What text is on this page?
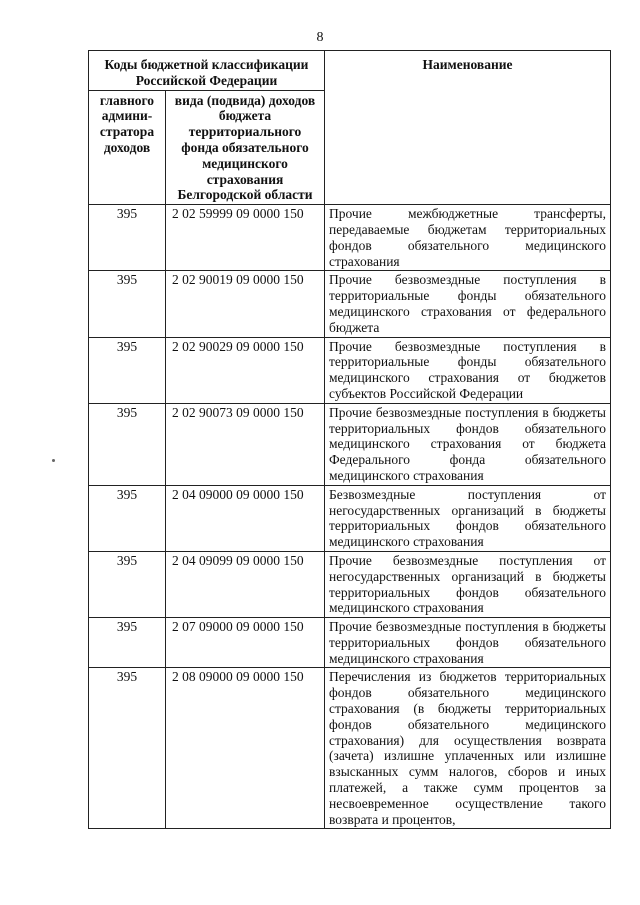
8
Коды бюджетной классификации Российской Федерации		Наименование
главного админи-стратора доходов	вида (подвида) доходов бюджета территориального фонда обязательного медицинского страхования Белгородской области	
395	2 02 59999 09 0000 150	Прочие межбюджетные трансферты, передаваемые бюджетам территориальных фондов обязательного медицинского страхования
395	2 02 90019 09 0000 150	Прочие безвозмездные поступления в территориальные фонды обязательного медицинского страхования от федерального бюджета
395	2 02 90029 09 0000 150	Прочие безвозмездные поступления в территориальные фонды обязательного медицинского страхования от бюджетов субъектов Российской Федерации
395	2 02 90073 09 0000 150	Прочие безвозмездные поступления в бюджеты территориальных фондов обязательного медицинского страхования от бюджета Федерального фонда обязательного медицинского страхования
395	2 04 09000 09 0000 150	Безвозмездные поступления от негосударственных организаций в бюджеты территориальных фондов обязательного медицинского страхования
395	2 04 09099 09 0000 150	Прочие безвозмездные поступления от негосударственных организаций в бюджеты территориальных фондов обязательного медицинского страхования
395	2 07 09000 09 0000 150	Прочие безвозмездные поступления в бюджеты территориальных фондов обязательного медицинского страхования
395	2 08 09000 09 0000 150	Перечисления из бюджетов территориальных фондов обязательного медицинского страхования (в бюджеты территориальных фондов обязательного медицинского страхования) для осуществления возврата (зачета) излишне уплаченных или излишне взысканных сумм налогов, сборов и иных платежей, а также сумм процентов за несвоевременное осуществление такого возврата и процентов,
